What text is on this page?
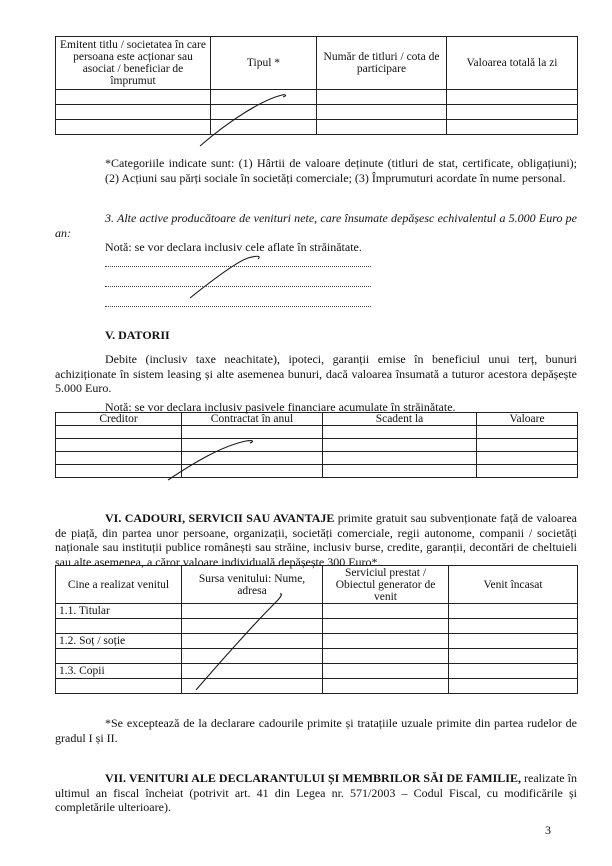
Emitent titlu / societatea în care persoana este acționar sau asociat / beneficiar de împrumut	Tipul *	Număr de titluri / cota de participare	Valoarea totală la zi

*Categoriile indicate sunt: (1) Hârtii de valoare deținute (titluri de stat, certificate, obligațiuni); (2) Acțiuni sau părți sociale în societăți comerciale; (3) Împrumuturi acordate în nume personal.

3. Alte active producătoare de venituri nete, care însumate depășesc echivalentul a 5.000 Euro pe an:

Notă: se vor declara inclusiv cele aflate în străinătate.

V. DATORII

Debite (inclusiv taxe neachitate), ipoteci, garanții emise în beneficiul unui terț, bunuri achiziționate în sistem leasing și alte asemenea bunuri, dacă valoarea însumată a tuturor acestora depășește 5.000 Euro.

Notă: se vor declara inclusiv pasivele financiare acumulate în străinătate.

Creditor	Contractat în anul	Scadent la	Valoare

VI. CADOURI, SERVICII SAU AVANTAJE primite gratuit sau subvenționate față de valoarea de piață, din partea unor persoane, organizații, societăți comerciale, regii autonome, companii / societăți naționale sau instituții publice românești sau străine, inclusiv burse, credite, garanții, decontări de cheltuieli sau alte asemenea, a căror valoare individuală depășește 300 Euro*.

Cine a realizat venitul	Sursa venitului: Nume, adresa	Serviciul prestat / Obiectul generator de venit	Venit încasat
1.1. Titular			

1.2. Soț / soție			

1.3. Copii			

*Se exceptează de la declarare cadourile primite și tratațiile uzuale primite din partea rudelor de gradul I și II.

VII. VENITURI ALE DECLARANTULUI ȘI MEMBRILOR SĂI DE FAMILIE, realizate în ultimul an fiscal încheiat (potrivit art. 41 din Legea nr. 571/2003 – Codul Fiscal, cu modificările și completările ulterioare).

3
